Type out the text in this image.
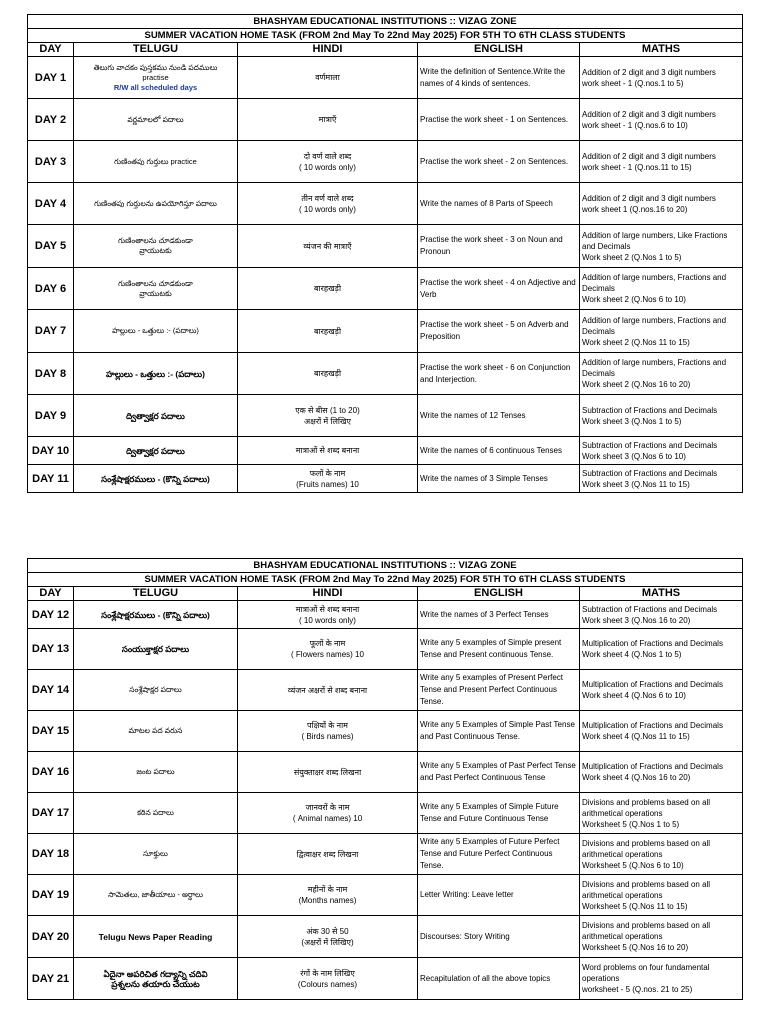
BHASHYAM EDUCATIONAL INSTITUTIONS :: VIZAG ZONE				
SUMMER VACATION HOME TASK (FROM 2nd May To 22nd May 2025) FOR 5TH TO 6TH CLASS STUDENTS				
DAY	TELUGU	HINDI	ENGLISH	MATHS
DAY 1	తెలుగు వాచకం పుస్తకము నుండి పదములు
practise
R/W all scheduled days	वर्णमाला	Write the definition of Sentence.Write the names of 4 kinds of sentences.	Addition of 2 digit and 3 digit numbers
work sheet - 1 (Q.nos.1 to 5)
DAY 2	వర్ణమాలలో పదాలు	मात्राएँ	Practise the work sheet - 1 on Sentences.	Addition of 2 digit and 3 digit numbers
work sheet - 1 (Q.nos.6 to 10)
DAY 3	గుణింతపు గుర్తులు practice	दो वर्ण वाले शब्द
( 10 words only)	Practise the work sheet - 2 on Sentences.	Addition of 2 digit and 3 digit numbers
work sheet - 1 (Q.nos.11 to 15)
DAY 4	గుణింతపు గుర్తులను ఉపయోగిస్తూ పదాలు	तीन वर्ण वाले शब्द
( 10 words only)	Write the names of 8 Parts of Speech	Addition of 2 digit and 3 digit numbers
work sheet 1 (Q.nos.16 to 20)
DAY 5	గుణింతాలను చూడకుండా
వ్రాయుటకు	व्यंजन की मात्राएँ	Practise the work sheet - 3 on Noun and Pronoun	Addition of large numbers, Like Fractions and Decimals
Work sheet 2 (Q.Nos 1 to 5)
DAY 6	గుణింతాలను చూడకుండా
వ్రాయుటకు	बारहखड़ी	Practise the work sheet - 4 on Adjective and Verb	Addition of large numbers, Fractions and Decimals
Work sheet 2 (Q.Nos 6 to 10)
DAY 7	హల్లులు - ఒత్తులు :- (పదాలు)	बारहखड़ी	Practise the work sheet - 5 on Adverb and Preposition	Addition of large numbers, Fractions and Decimals
Work sheet 2 (Q.Nos 11 to 15)
DAY 8	హల్లులు - ఒత్తులు :- (పదాలు)	बारहखड़ी	Practise the work sheet - 6 on Conjunction and Interjection.	Addition of large numbers, Fractions and Decimals
Work sheet 2 (Q.Nos 16 to 20)
DAY 9	ద్విత్వాక్షర పదాలు	एक से बीस (1 to 20)
अक्षरों में लिखिए	Write the names of 12 Tenses	Subtraction of Fractions and Decimals
Work sheet 3 (Q.Nos 1 to 5)
DAY 10	ద్విత్వాక్షర పదాలు	मात्राओं से शब्द बनाना	Write the names of 6 continuous Tenses	Subtraction of Fractions and Decimals
Work sheet 3 (Q.Nos 6 to 10)
DAY 11	సంశ్లేషాక్షరములు - (కొన్ని పదాలు)	फलों के नाम
(Fruits names) 10	Write the names of 3 Simple Tenses	Subtraction of Fractions and Decimals
Work sheet 3 (Q.Nos 11 to 15)
BHASHYAM EDUCATIONAL INSTITUTIONS :: VIZAG ZONE				
SUMMER VACATION HOME TASK (FROM 2nd May To 22nd May 2025) FOR 5TH TO 6TH CLASS STUDENTS				
DAY	TELUGU	HINDI	ENGLISH	MATHS
DAY 12	సంశ్లేషాక్షరములు - (కొన్ని పదాలు)	मात्राओं से शब्द बनाना
( 10 words only)	Write the names of 3 Perfect Tenses	Subtraction of Fractions and Decimals
Work sheet 3 (Q.Nos 16 to 20)
DAY 13	సంయుక్తాక్షర పదాలు	फूलों के नाम
( Flowers names) 10	Write any 5 examples of Simple present Tense and Present continuous Tense.	Multiplication of Fractions and Decimals
Work sheet 4 (Q.Nos 1 to 5)
DAY 14	సంశ్లేషాక్షర పదాలు	व्यंजन अक्षरों से शब्द बनाना	Write any 5 examples of Present Perfect Tense and Present Perfect Continuous Tense.	Multiplication of Fractions and Decimals
Work sheet 4 (Q.Nos 6 to 10)
DAY 15	మాటల పద వరుస	पक्षियों के नाम
( Birds names)	Write any 5 Examples of Simple Past Tense and Past Continuous Tense.	Multiplication of Fractions and Decimals
Work sheet 4 (Q.Nos 11 to 15)
DAY 16	జంట పదాలు	संयुक्ताक्षर शब्द लिखना	Write any 5 Examples of Past Perfect Tense and Past Perfect Continuous Tense	Multiplication of Fractions and Decimals
Work sheet 4 (Q.Nos 16 to 20)
DAY 17	కఠిన పదాలు	जानवरों के नाम
( Animal names) 10	Write any 5 Examples of Simple Future Tense and Future Continuous Tense	Divisions and problems based on all arithmetical operations
Worksheet 5 (Q.Nos 1 to 5)
DAY 18	సూక్తులు	द्वित्वाक्षर शब्द लिखना	Write any 5 Examples of Future Perfect Tense and Future Perfect Continuous Tense.	Divisions and problems based on all arithmetical operations
Worksheet 5 (Q.Nos 6 to 10)
DAY 19	సామెతలు, జాతీయాలు - అర్థాలు	महीनों के नाम
(Months names)	Letter Writing: Leave letter	Divisions and problems based on all arithmetical operations
Worksheet 5 (Q.Nos 11 to 15)
DAY 20	Telugu News Paper Reading	अंक 30 से 50
(अक्षरों में लिखिए)	Discourses: Story Writing	Divisions and problems based on all arithmetical operations
Worksheet 5 (Q.Nos 16 to 20)
DAY 21	ఏదైనా అపరిచిత గద్యాన్ని చదివి
ప్రశ్నలను తయారు చేయుట	रंगों के नाम लिखिए
(Colours names)	Recapitulation of all the above topics	Word problems on four fundamental operations
worksheet - 5 (Q.nos. 21 to 25)
